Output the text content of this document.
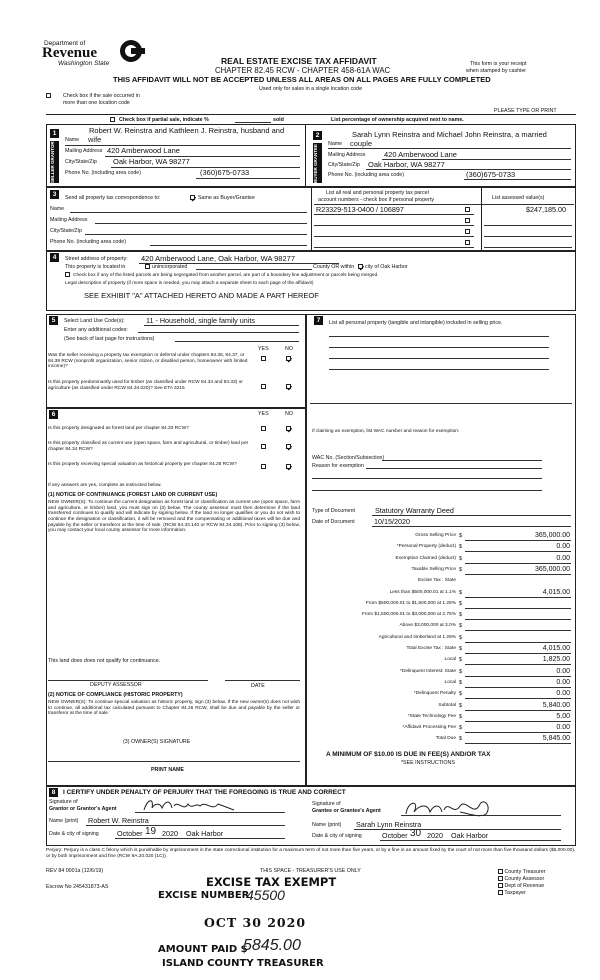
Department of
Revenue
Washington State	REAL ESTATE EXCISE TAX AFFIDAVIT
CHAPTER 82.45 RCW - CHAPTER 458-61A WAC
THIS AFFIDAVIT WILL NOT BE ACCEPTED UNLESS ALL AREAS ON ALL PAGES ARE FULLY COMPLETED
This form is your receipt
when stamped by cashier
Used only for sales in a single location code
Check box if the sale occurred in
more than one location code
PLEASE TYPE OR PRINT
Check box if partial sale, indicate %	sold	List percentage of ownership acquired next to name.
1
SELLER GRANTOR
Robert W. Reinstra and Kathleen J. Reinstra, husband and
Name wife
Mailing Address 420 Amberwood Lane
City/State/Zip Oak Harbor, WA 98277
Phone No. (including area code)	(360)675-0733
2
BUYER GRANTEE
Sarah Lynn Reinstra and Michael John Reinstra, a married
Name couple
Mailing Address 420 Amberwood Lane
City/State/Zip Oak Harbor, WA 98277
Phone No. (including area code)	(360)675-0733
3	Send all property tax correspondence to:	Same as Buyer/Grantee
Name
Mailing Address
City/State/Zip
Phone No. (including area code)
List all real and personal property tax parcel
account numbers - check box if personal property	List assessed value(s)
R23329-513-0400 / 106897	$247,185.00
4	Street address of property: 420 Amberwood Lane, Oak Harbor, WA 98277
This property is located in	unincorporated	County OR within city of Oak Harbor
Check box if any of the listed parcels are being segregated from another parcel, are part of a boundary line adjustment or parcels being merged.
Legal description of property (if more space is needed, you may attach a separate sheet to each page of the affidavit)
SEE EXHIBIT "A" ATTACHED HERETO AND MADE A PART HEREOF
5	Select Land Use Code(s):	11 - Household, single family units
Enter any additional codes:
(See back of last page for instructions)
YES	NO
Was the seller receiving a property tax exemption or deferral under chapters 84.36, 84.37, or 84.38 RCW (nonprofit organization, senior citizen, or disabled person, homeowner with limited income)?
Is this property predominantly used for timber (as classified under RCW 84.34 and 84.33) or agriculture (as classified under RCW 84.34.020)? See ETA 3215
6	YES	NO
Is this property designated as forest land per chapter 84.33 RCW?
Is this property classified as current use (open space, farm and agricultural, or timber) land per chapter 84.34 RCW?
Is this property receiving special valuation as historical property per chapter 84.26 RCW?
If any answers are yes, complete as instructed below.
(1) NOTICE OF CONTINUANCE (FOREST LAND OR CURRENT USE)
NEW OWNER(S): To continue the current designation as forest land or classification as current use (open space, farm and agriculture, or timber) land, you must sign on (3) below. The county assessor must then determine if the land transferred continues to qualify and will indicate by signing below. If the land no longer qualifies or you do not wish to continue the designation or classification, it will be removed and the compensating or additional taxes will be due and payable by the seller or transferor at the time of sale. (RCW 84.33.140 or RCW 84.34.108). Prior to signing (3) below, you may contact your local county assessor for more information.
This land does does not qualify for continuance.
DEPUTY ASSESSOR	DATE
(2) NOTICE OF COMPLIANCE (HISTORIC PROPERTY)
NEW OWNER(S): To continue special valuation as historic property, sign (3) below. If the new owner(s) does not wish to continue, all additional tax calculated pursuant to Chapter 84.26 RCW, shall be due and payable by the seller or transferor at the time of sale.
(3) OWNER(S) SIGNATURE
PRINT NAME
7	List all personal property (tangible and intangible) included in selling price.
If claiming an exemption, list WAC number and reason for exemption:
WAC No. (Section/Subsection)
Reason for exemption
Type of Document	Statutory Warranty Deed
Date of Document	10/15/2020
Gross Selling Price $	365,000.00
*Personal Property (deduct) $	0.00
Exemption Claimed (deduct) $	0.00
Taxable Selling Price $	365,000.00
Excise Tax : State
Less than $500,000.01 at 1.1% $	4,015.00
From $500,000.01 to $1,500,000 at 1.28% $
From $1,500,000.01 to $3,000,000 at 2.75% $
Above $3,000,000 at 3.0% $
Agricultural and timberland at 1.28% $
Total Excise Tax : State $	4,015.00
Local $	1,825.00
*Delinquent Interest: State $	0.00
Local $	0.00
*Delinquent Penalty $	0.00
Subtotal $	5,840.00
*State Technology Fee $	5.00
*Affidavit Processing Fee $	0.00
Total Due $	5,845.00
A MINIMUM OF $10.00 IS DUE IN FEE(S) AND/OR TAX
*SEE INSTRUCTIONS
8	I CERTIFY UNDER PENALTY OF PERJURY THAT THE FOREGOING IS TRUE AND CORRECT
Signature of
Grantor or Grantor's Agent
Name (print) Robert W. Reinstra
Date & city of signing	October 19 2020 Oak Harbor
Signature of
Grantee or Grantee's Agent
Name (print) Sarah Lynn Reinstra
Date & city of signing	October 30 2020 Oak Harbor
Perjury: Perjury is a class C felony which is punishable by imprisonment in the state correctional institution for a maximum term of not more than five years, or by a fine in an amount fixed by the court of not more than five thousand dollars ($5,000.00), or by both imprisonment and fine (RCW 9A.20.020 (1C)).
REV 84 0001a (12/6/19)	THIS SPACE - TREASURER'S USE ONLY
Escrow No 245431873-AS
County Treasurer
County Assessor
Dept of Revenue
Taxpayer
EXCISE TAX EXEMPT
EXCISE NUMBER
45500
OCT 30 2020
AMOUNT PAID $
5845.00
ISLAND COUNTY TREASURER
